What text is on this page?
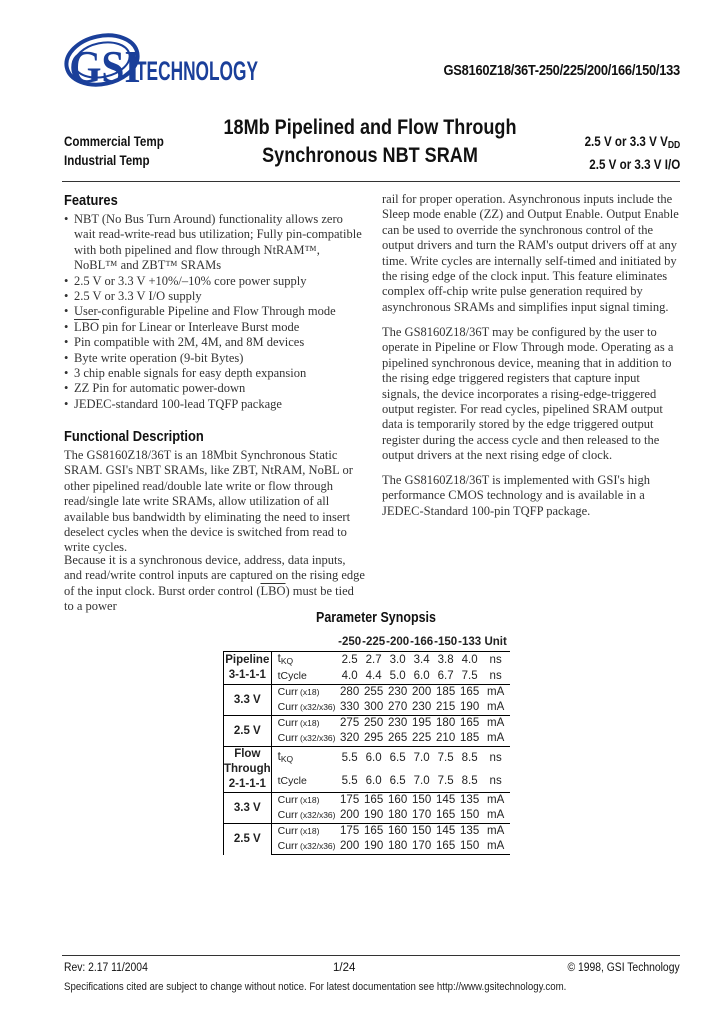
GSI
TECHNOLOGY	GS8160Z18/36T-250/225/200/166/150/133
Commercial Temp
Industrial Temp
18Mb Pipelined and Flow Through
Synchronous NBT SRAM
2.5 V or 3.3 V $V_{DD}$
2.5 V or 3.3 V I/O
Features
• NBT (No Bus Turn Around) functionality allows zero wait read-write-read bus utilization; Fully pin-compatible with both pipelined and flow through NtRAM™, NoBL™ and ZBT™ SRAMs
• 2.5 V or 3.3 V +10%/–10% core power supply
• 2.5 V or 3.3 V I/O supply
• User-configurable Pipeline and Flow Through mode
• $\overline{LBO}$ pin for Linear or Interleave Burst mode
• Pin compatible with 2M, 4M, and 8M devices
• Byte write operation (9-bit Bytes)
• 3 chip enable signals for easy depth expansion
• ZZ Pin for automatic power-down
• JEDEC-standard 100-lead TQFP package
Functional Description
The GS8160Z18/36T is an 18Mbit Synchronous Static SRAM. GSI's NBT SRAMs, like ZBT, NtRAM, NoBL or other pipelined read/double late write or flow through read/single late write SRAMs, allow utilization of all available bus bandwidth by eliminating the need to insert deselect cycles when the device is switched from read to write cycles.
Because it is a synchronous device, address, data inputs, and read/write control inputs are captured on the rising edge of the input clock. Burst order control $(\overline{LBO})$ must be tied to a power
rail for proper operation. Asynchronous inputs include the Sleep mode enable (ZZ) and Output Enable. Output Enable can be used to override the synchronous control of the output drivers and turn the RAM's output drivers off at any time. Write cycles are internally self-timed and initiated by the rising edge of the clock input. This feature eliminates complex off-chip write pulse generation required by asynchronous SRAMs and simplifies input signal timing.
The GS8160Z18/36T may be configured by the user to operate in Pipeline or Flow Through mode. Operating as a pipelined synchronous device, meaning that in addition to the rising edge triggered registers that capture input signals, the device incorporates a rising-edge-triggered output register. For read cycles, pipelined SRAM output data is temporarily stored by the edge triggered output register during the access cycle and then released to the output drivers at the next rising edge of clock.
The GS8160Z18/36T is implemented with GSI's high performance CMOS technology and is available in a JEDEC-Standard 100-pin TQFP package.
Parameter Synopsis
		-250	-225	-200	-166	-150	-133	Unit

Pipeline
3-1-1-1	$t_{KQ}$	2.5	2.7	3.0	3.4	3.8	4.0	ns
	tCycle	4.0	4.4	5.0	6.0	6.7	7.5	ns

3.3 V	Curr (x18)	280	255	230	200	185	165	mA
	Curr (x32/x36)	330	300	270	230	215	190	mA

2.5 V	Curr (x18)	275	250	230	195	180	165	mA
	Curr (x32/x36)	320	295	265	225	210	185	mA

Flow
Through
2-1-1-1	$t_{KQ}$	5.5	6.0	6.5	7.0	7.5	8.5	ns
	tCycle	5.5	6.0	6.5	7.0	7.5	8.5	ns

3.3 V	Curr (x18)	175	165	160	150	145	135	mA
	Curr (x32/x36)	200	190	180	170	165	150	mA

2.5 V	Curr (x18)	175	165	160	150	145	135	mA
	Curr (x32/x36)	200	190	180	170	165	150	mA
Rev: 2.17 11/2004	1/24	© 1998, GSI Technology
Specifications cited are subject to change without notice. For latest documentation see http://www.gsitechnology.com.
